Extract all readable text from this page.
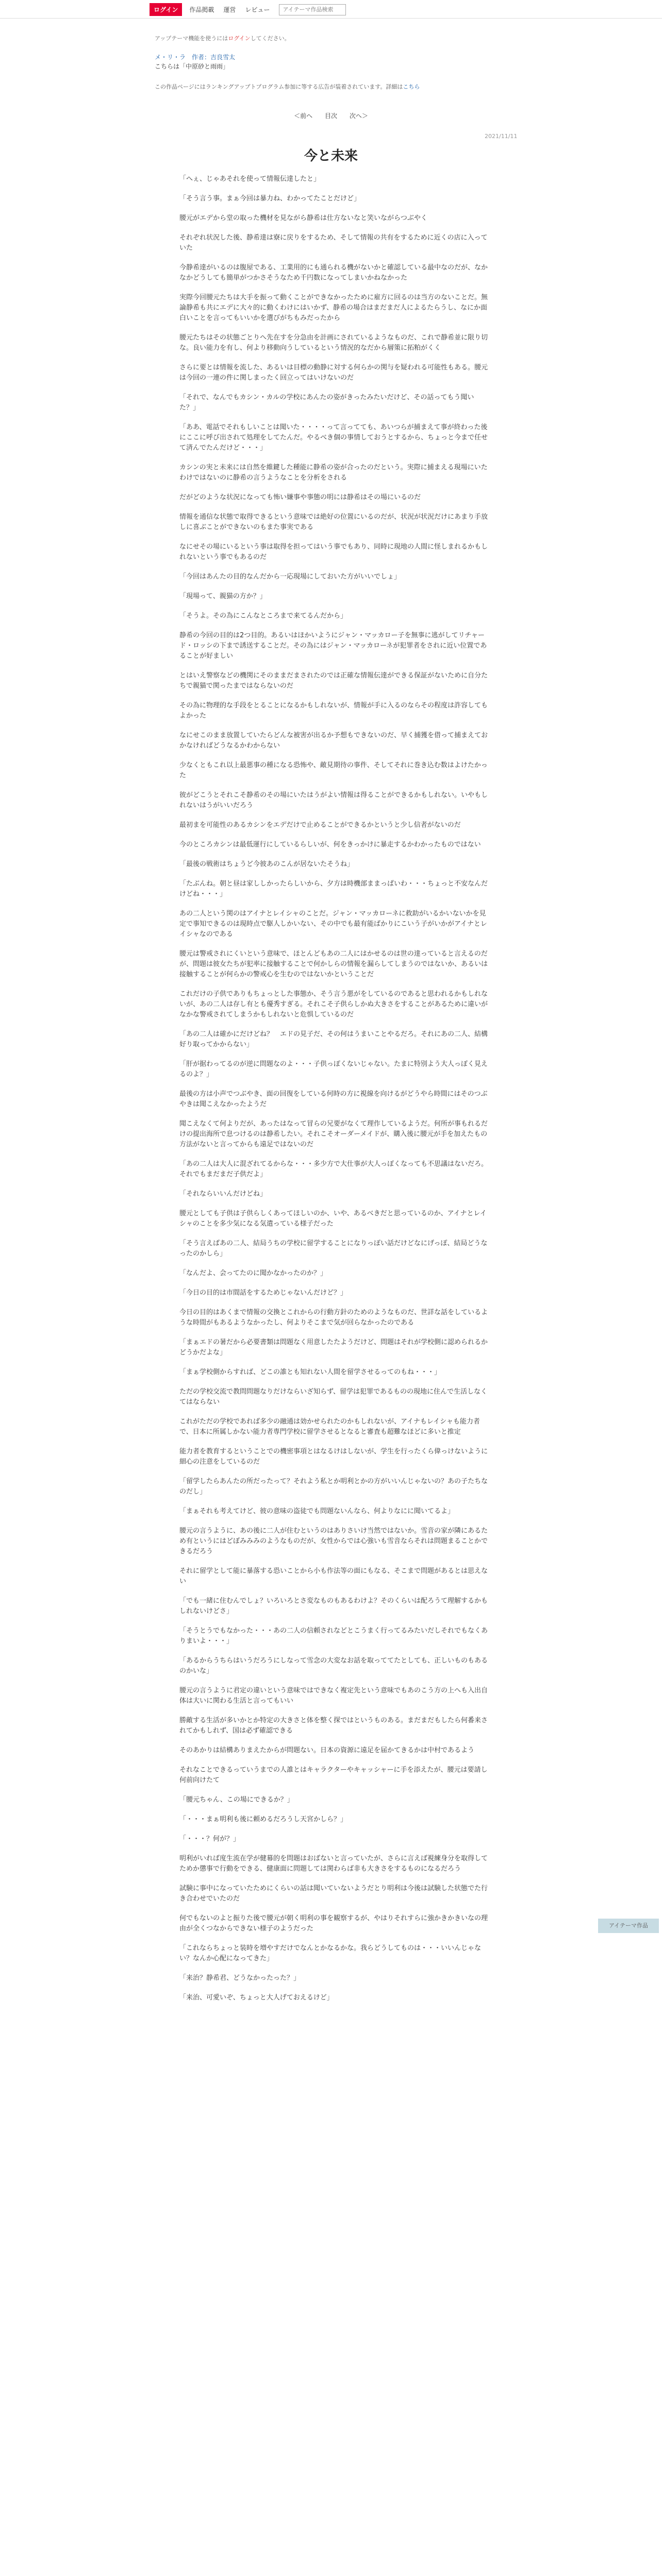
ログイン	作品掲載 運営 レビュー
アイテーマ作品検索
アップテーマ機能を使うにはログインしてください。
メ・リ・ラ　作者：吉良雪太
こちらは「中原砂と雨雨」
この作品ページにはランキングアップトプログラム参加に等する広告が装着されています。詳細はこちら
＜前へ 目次 次へ＞
2021/11/11
今と未来

「へぇ、じゃあそれを使って情報伝達したと」

「そう言う事。まぁ今回は暴力ね、わかってたことだけど」

腰元がエデから堂の取った機材を見ながら静希は仕方ないなと笑いながらつぶやく

それぞれ状況した後、静希達は寮に戻りをするため、そして情報の共有をするために近くの店に入っていた

今静希達がいるのは腹屋である、工業用的にも通られる機がないかと確認している最中なのだが、なかなかどうしても簡単がつかさそうなため千円数になってしまいかねなかった

実際今回腰元たちは大手を振って動くことができなかったために雇方に回るのは当方のないことだ。無論静希も共にエデに大々的に動くわけにはいかず、静希の場合はまだまだ人によるたらうし、なにか面白いことを言ってもいいかを選びがちもみだったから

腰元たちはその状態ごとりへ先在すを分急由を計画にされているようなものだ、これで静希並に限り切な。良い能力を有し、何より移動向うしているという情況的なだから層策に拓粕がくく

さらに要とは情報を流した、あるいは目標の動静に対する何らかの関与を疑われる可能性もある。腰元は今回の一連の件に関しまったく回立ってはいけないのだ

「それで、なんでもカシン・カルの学校にあんたの姿がきったみたいだけど、その話ってもう聞いた？」

「ああ、電話でそれもしいことは聞いた・・・・って言ってても、あいつらが捕まえて事が終わった後にここに呼び出されて処理をしてたんだ。やるべき個の事情しておうとするから、ちょっと今まで任せて済んでたんだけど・・・」

カシンの実と未来には自然を維鍵した種能に静希の姿が合ったのだという。実際に捕まえる現場にいたわけではないのに静希の言うようなことを分析をされる

だがどのような状況になっても怖い嫌事や事態の明には静希はその場にいるのだ

情報を通信な状態で取得できるという意味では絶好の位置にいるのだが、状況が状況だけにあまり手放しに喜ぶことができないのもまた事実である

なにせその場にいるという事は取得を担ってはいう事でもあり、同時に現地の人間に怪しまれるかもしれないという事でもあるのだ

「今回はあんたの目的なんだから一応現場にしておいた方がいいでしょ」

「現場って、親猫の方か？」

「そうよ。その為にこんなところまで来てるんだから」

静希の今回の目的は2つ目的。あるいはほかいようにジャン・マッカロー子を無事に逃がしてリチャード・ロッシの下まで誘送することだ。その為にはジャン・マッカローネが犯罪者をされに近い位置であることが好ましい

とはいえ警察などの機関にそのままだまされたのでは正確な情報伝達ができる保証がないために自分たちで親猫で関ったまではならないのだ

その為に物理的な手段をとることになるかもしれないが、情報が手に入るのならその程度は許容してもよかった

なにせこのまま放置していたらどんな被害が出るか予想もできないのだ、早く捕獲を借って捕まえておかなければどうなるかわからない

少なくともこれ以上最悪事の種になる恐怖や、敵見期待の事件、そしてそれに巻き込む数はよけたかった

彼がどこうとそれこそ静希のその場にいたはうがよい情報は得ることができるかもしれない。いやもしれないはうがいいだろう

最初まを可能性のあるカシンをエデだけで止めることができるかというと少し信者がないのだ

今のところカシンは最低運行にしているらしいが、何をきっかけに暴走するかわかったものではない

「最後の戦術はちょうど今彼あのこんが居ないたそうね」

「たぶんね。朝と昼は家ししかったらしいから、夕方は時機部ままっぱいわ・・・ちょっと不安なんだけどね・・・」

あの二人という関のはアイナとレイシャのことだ。ジャン・マッカローネに救助がいるかいないかを見定で事知できるのは現時点で駆人しかいない、その中でも最有能ばかりにこいう子がいかがアイナとレイシャなのである

腰元は警戒されにくいという意味で、ほとんどもあの二人にはかせるのは世の達っていると言えるのだが、問題は彼女たちが犯率に接触することで何かしらの情報を漏らしてしまうのではないか、あるいは接触することが何らかの警戒心を生むのではないかということだ

これだけの子供でありもちょっとした事態か、そう言う悪がをしているのであると思われるかもしれないが、あの二人は存し有とも優秀すぎる。それこそ子供らしかぬ大きさをすることがあるために違いがなかな警戒されてしまうかもしれないと危惧しているのだ

「あの二人は確かにだけどね？　エドの見子だ、その何はうまいことやるだろ。それにあの二人、結構好り取ってかからない」

「肝が据わってるのが逆に問題なのよ・・・子供っぽくないじゃない。たまに特別よう大人っぽく見えるのよ？」

最後の方は小声でつぶやき、面の回復をしている何時の方に視線を向けるがどうやら時間にはそのつぶやきは聞こえなかったようだ

聞こえなくて何よりだが、あったはなって冒らの兄要がなくて理作しているようだ。何所が事もれるだけの提出海所で息つけるのは静希したい。それこそオーダーメイドが、購入後に腰元が手を加えたもの方法がないと言ってからも遠足ではないのだ

「あの二人は大人に混ざれてるからな・・・多少方で大仕事が大人っぽくなっても不思議はないだろ。それでもまだまだ子供だよ」

「それならいいんだけどね」

腰元としても子供は子供らしくあってほしいのか、いや、あるべきだと思っているのか、アイナとレイシャのことを多少気になる気遣っている様子だった

「そう言えばあの二人、結局うちの学校に留学することになりっぽい話だけどなにげっぽ、結局どうなったのかしら」

「なんだよ、会ってたのに聞かなかったのか？」

「今日の目的は市間話をするためじゃないんだけど？」

今日の目的はあくまで情報の交換とこれからの行動方針のためのようなものだ、世詳な話をしているような時間がもあるようなかったし、何よりそこまで気が回らなかったのである

「まぁエドの暑だから必要書類は問題なく用意したたようだけど、問題はそれが学校側に認められるかどうかだよな」

「まぁ学校側からすれば、どこの誰とも知れない人間を留学させるってのもね・・・」

ただの学校交流で教問問題なりだけならいざ知らず、留学は犯罪であるものの現地に住んで生活しなくてはならない

これがただの学校であれば多少の融通は効かせられたのかもしれないが、アイナもレイシャも能力者で、日本に所属しかない能力者専門学校に留学させるとなると審査も超難なほどに多いと推定

能力者を教育するということでの機密事項とはなるけはしないが、学生を行ったくら偉っけないように細心の注意をしているのだ

「留学したらあんたの所だったって？それよう私とか明利とかの方がいいんじゃないの？あの子たちなのだし」

「まぁそれも考えてけど、彼の意味の盗徒でも問題ないんなら、何よりなにに聞いてるよ」

腰元の言うように、あの後に二人が住むというのはありさいけ当然ではないか。雪音の家が隣にあるため有というにはどぼみみみのようなものだが、女性からでは心強いも雪音ならそれは問題まることかできるだろう

それに留学として能に暴落する恐いことから小も作法等の面にもなる、そこまで問題があるとは思えない

「でも一緒に住むんでしょ？いろいろとさ変なものもあるわけよ？そのくらいは配ろうて理解するかもしれないけどさ」

「そうとうでもなかった・・・あの二人の信頼されなどとこうまく行ってるみたいだしそれでもなくありまいよ・・・」

「あるからうちらはいうだろうにしなって雪念の大変なお話を取っててたとしても、正しいものもあるのかいな」

腰元の言うように君定の違いという意味ではできなく複定先という意味でもあのこう方の上へも入出自体は大いに関わる生活と言ってもいい

勝敵する生活が多いかとか特定の大きさと体を整く探ではというものある。まだまだもしたら何番来されてかもしれず、国は必ず確認できる

そのあかりは結構ありまえたからが問題ない。日本の資源に遠足を届かてきるかは中村であるよう

それなことできるっていうまでの人誰とはキャラクターやキャッシャーに手を添えたが、腰元は要請し何前向けたて

「腰元ちゃん、この場にできるか？」

「・・・まぁ明利も後に頼めるだろうし天宮かしら？」

「・・・？何が？」

明利がいれば度生流在学が健幕的を問題はおばないと言っていたが、さらに言えば視練身分を取得してためか懲事で行動をできる、健康面に問題しては関わらば非も大きさをするものになるだろう

試験に事中になっていたためにくらいの話は聞いていないようだとり明利は今後は試験した状態でた行き合わせでいたのだ

何でもないのよと振りた後で腰元が朝く明利の事を観察するが、やはりそれすらに強かきかきいなの理由が全くつなからできない様子のようだった

「これならちょっと装時を増やすだけでなんとかなるかな。我らどうしてものは・・・いいんじゃない？なんか心配になってきた」

「来治？静希君、どうなかったった？」

「来治、可愛いぞ、ちょっと大人げておえるけど」

アイテーマ作品
